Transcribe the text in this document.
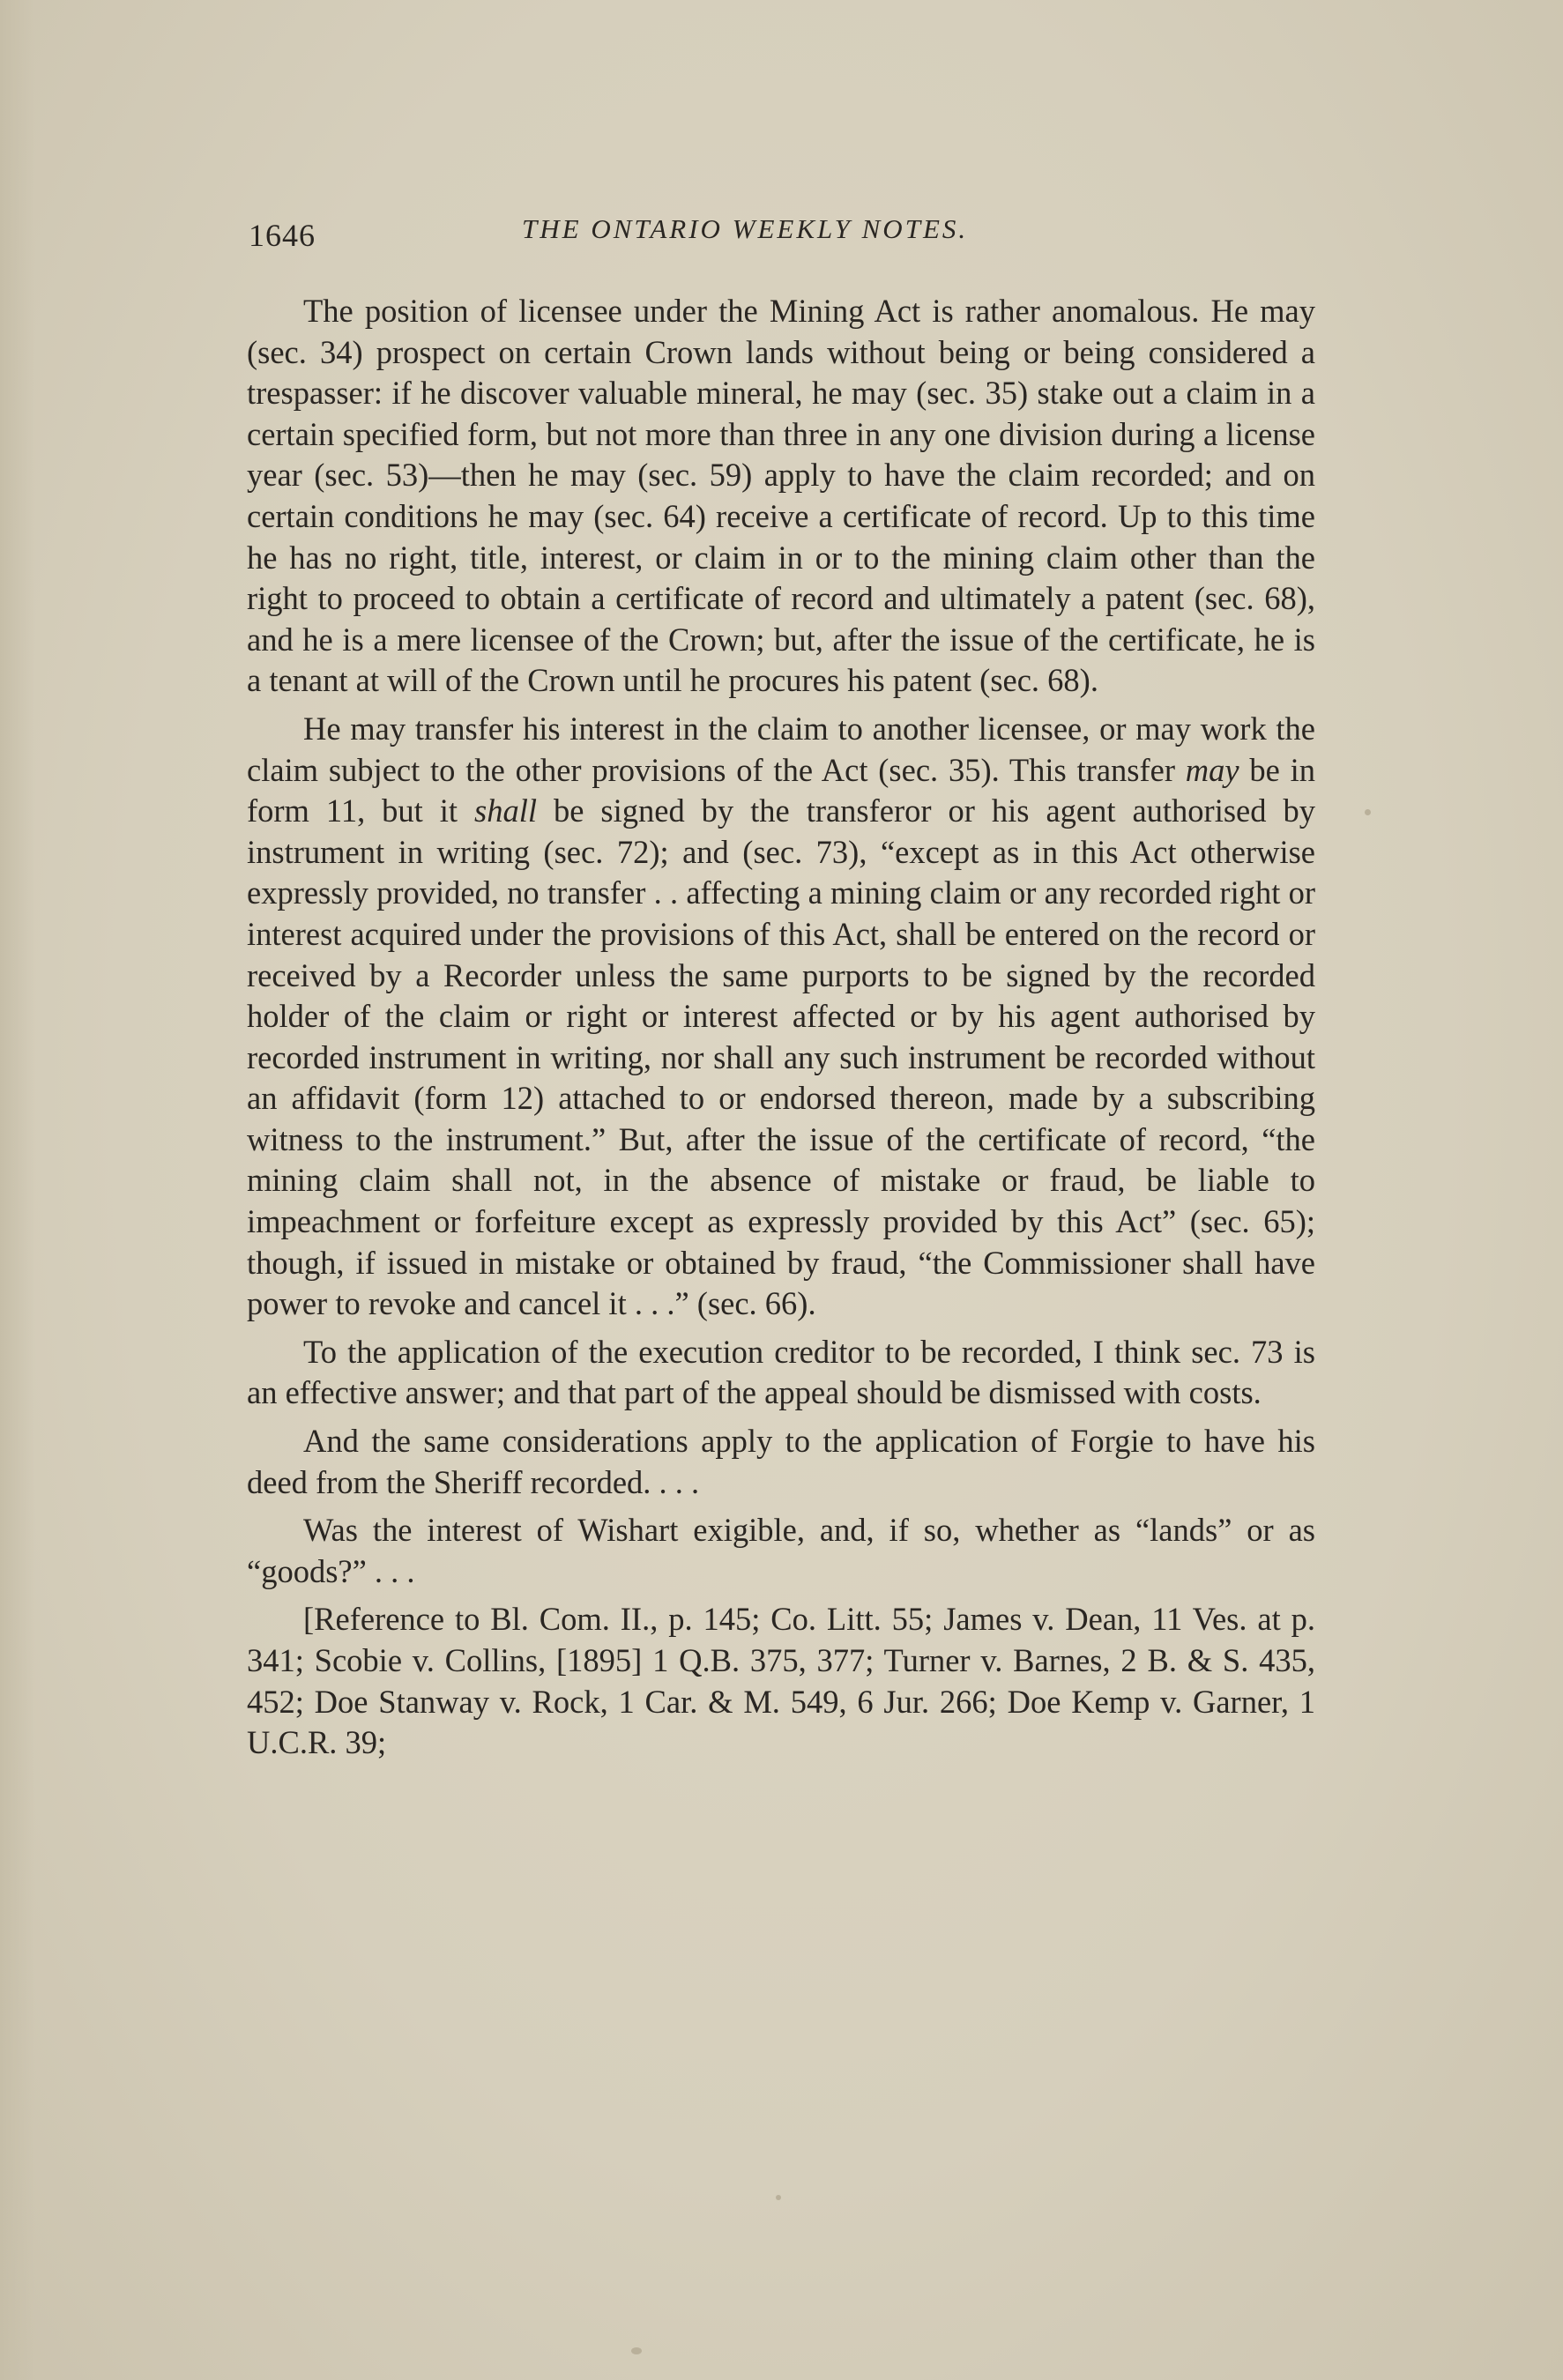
1646	THE ONTARIO WEEKLY NOTES.

The position of licensee under the Mining Act is rather anomalous. He may (sec. 34) prospect on certain Crown lands without being or being considered a trespasser: if he discover valuable mineral, he may (sec. 35) stake out a claim in a certain specified form, but not more than three in any one division during a license year (sec. 53)—then he may (sec. 59) apply to have the claim recorded; and on certain conditions he may (sec. 64) receive a certificate of record. Up to this time he has no right, title, interest, or claim in or to the mining claim other than the right to proceed to obtain a certificate of record and ultimately a patent (sec. 68), and he is a mere licensee of the Crown; but, after the issue of the certificate, he is a tenant at will of the Crown until he procures his patent (sec. 68).

He may transfer his interest in the claim to another licensee, or may work the claim subject to the other provisions of the Act (sec. 35). This transfer may be in form 11, but it shall be signed by the transferor or his agent authorised by instrument in writing (sec. 72); and (sec. 73), “except as in this Act otherwise expressly provided, no transfer . . affecting a mining claim or any recorded right or interest acquired under the provisions of this Act, shall be entered on the record or received by a Recorder unless the same purports to be signed by the recorded holder of the claim or right or interest affected or by his agent authorised by recorded instrument in writing, nor shall any such instrument be recorded without an affidavit (form 12) attached to or endorsed thereon, made by a subscribing witness to the instrument.” But, after the issue of the certificate of record, “the mining claim shall not, in the absence of mistake or fraud, be liable to impeachment or forfeiture except as expressly provided by this Act” (sec. 65); though, if issued in mistake or obtained by fraud, “the Commissioner shall have power to revoke and cancel it . . .” (sec. 66).

To the application of the execution creditor to be recorded, I think sec. 73 is an effective answer; and that part of the appeal should be dismissed with costs.

And the same considerations apply to the application of Forgie to have his deed from the Sheriff recorded. . . .

Was the interest of Wishart exigible, and, if so, whether as “lands” or as “goods?” . . .

[Reference to Bl. Com. II., p. 145; Co. Litt. 55; James v. Dean, 11 Ves. at p. 341; Scobie v. Collins, [1895] 1 Q.B. 375, 377; Turner v. Barnes, 2 B. & S. 435, 452; Doe Stanway v. Rock, 1 Car. & M. 549, 6 Jur. 266; Doe Kemp v. Garner, 1 U.C.R. 39;
